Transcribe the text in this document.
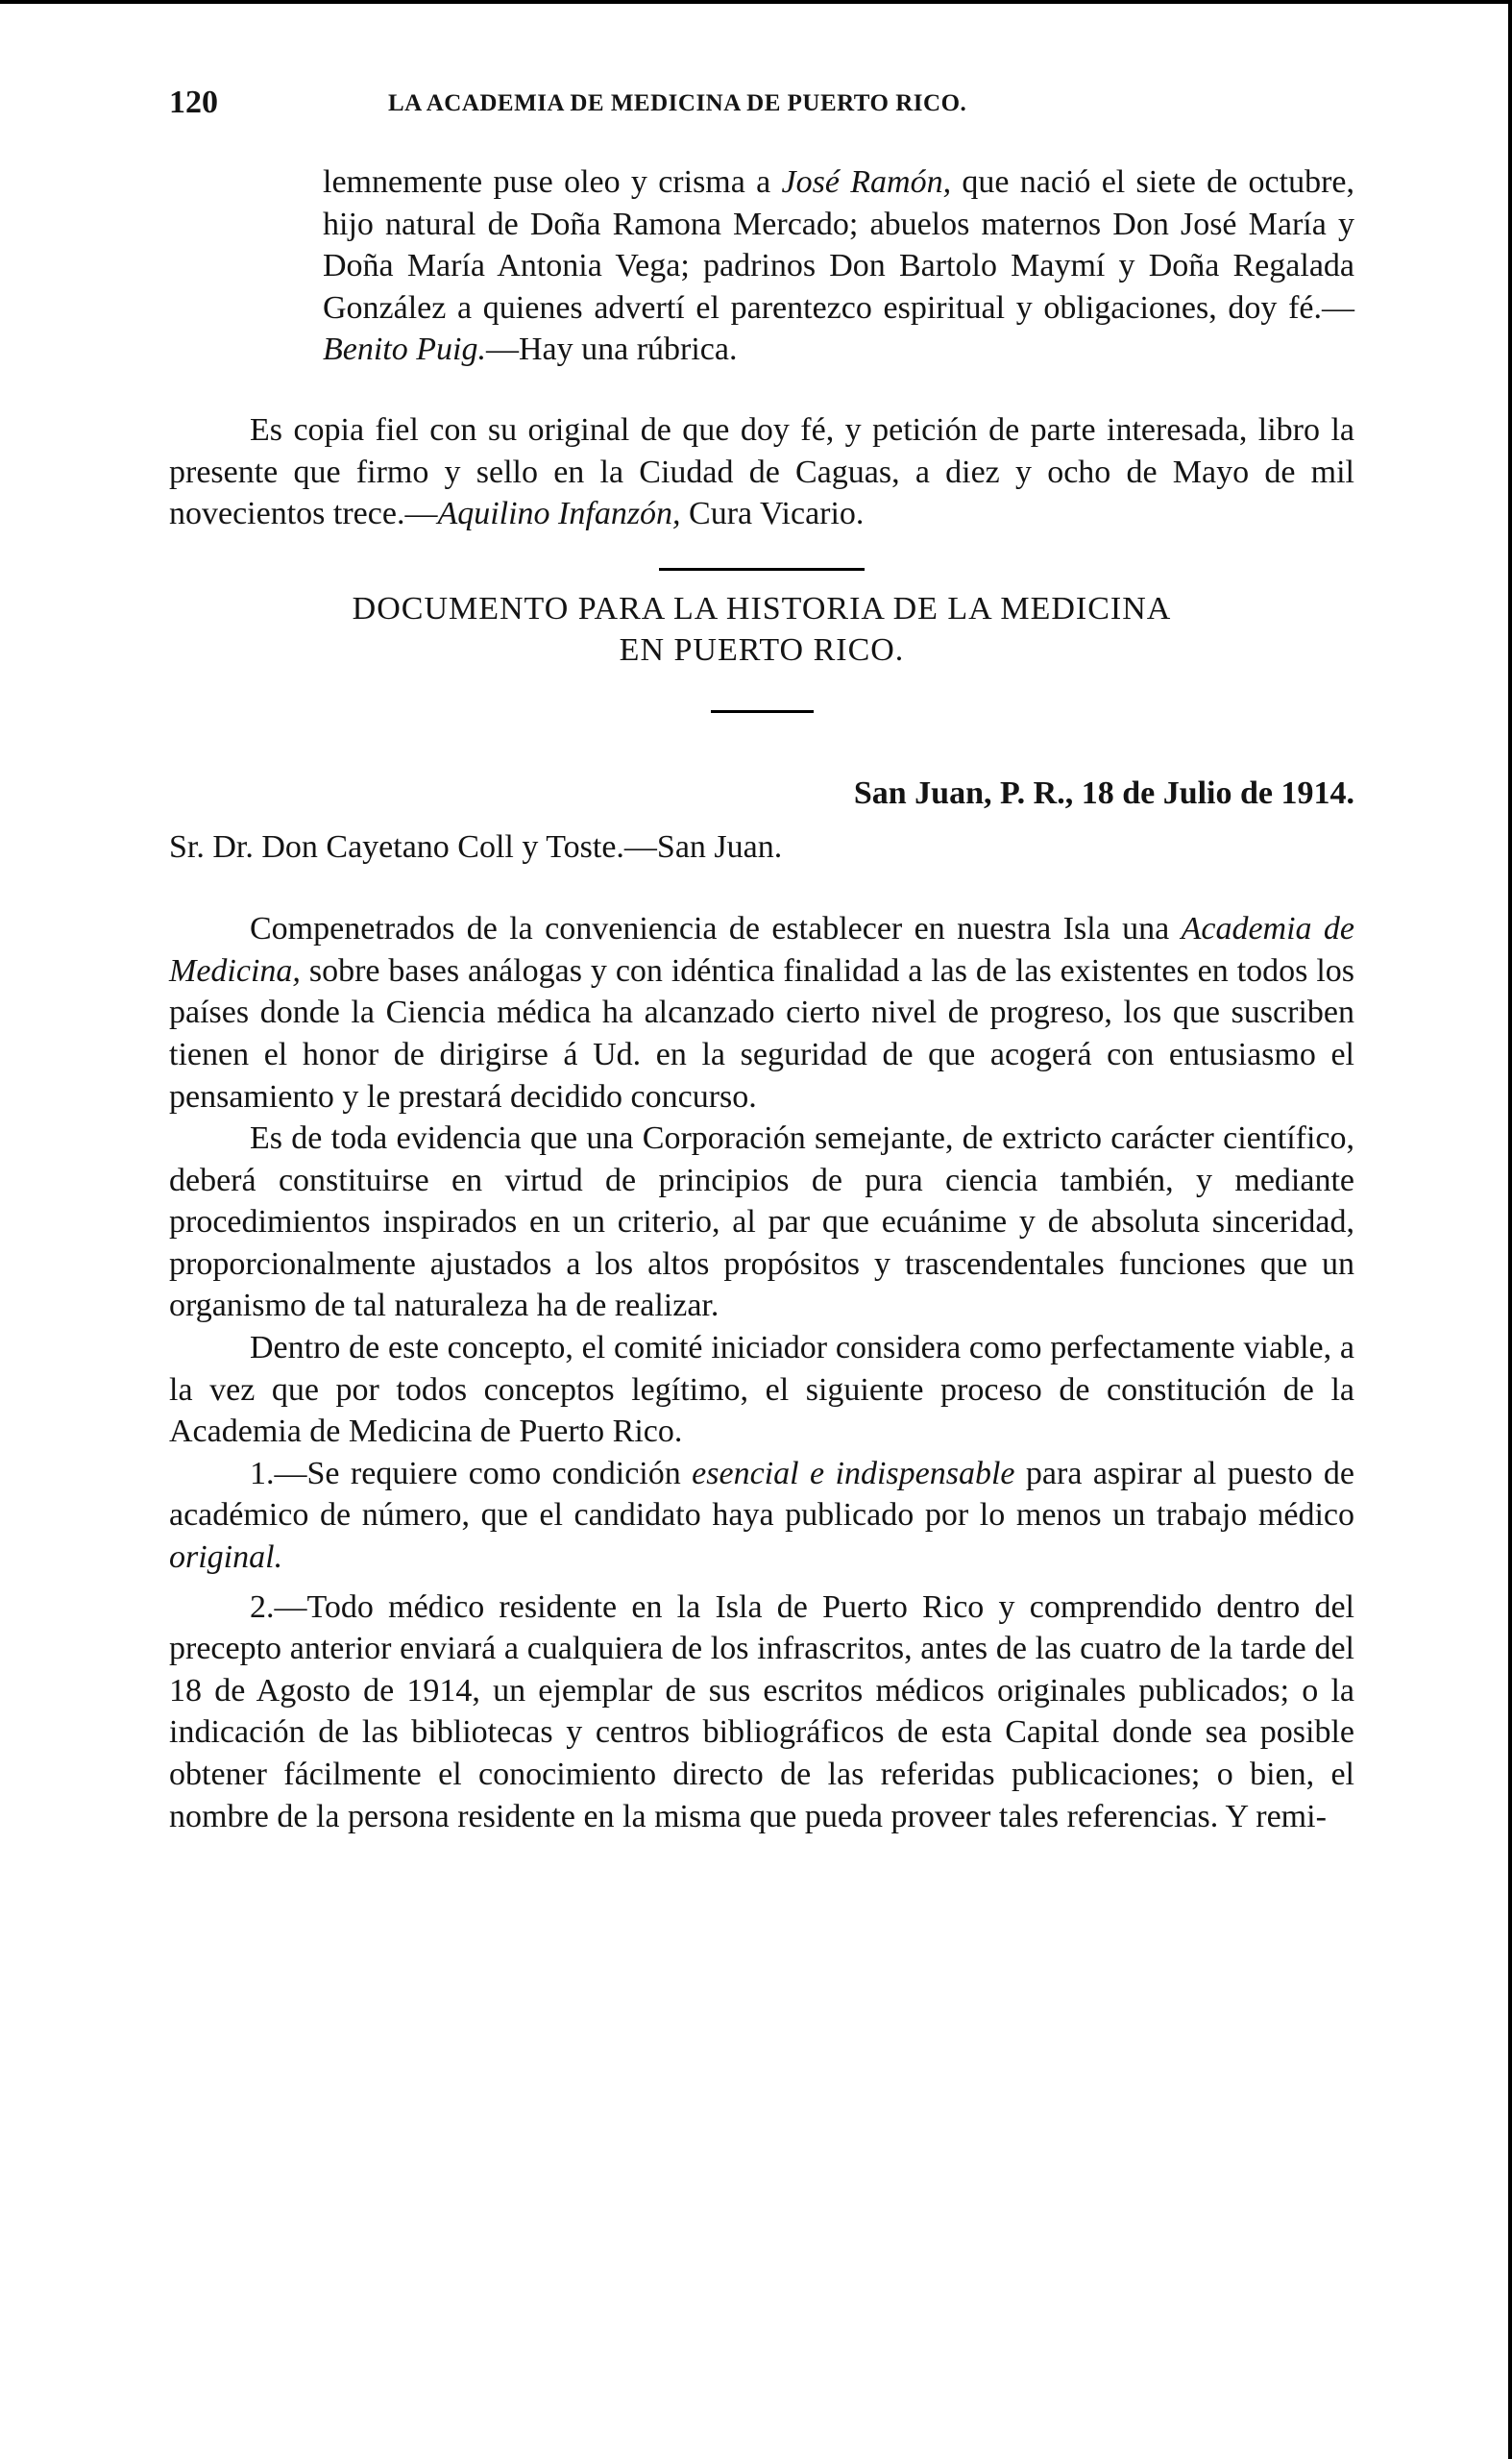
120	LA ACADEMIA DE MEDICINA DE PUERTO RICO.

lemnemente puse oleo y crisma a José Ramón, que nació el siete de octubre, hijo natural de Doña Ramona Mercado; abuelos maternos Don José María y Doña María Antonia Vega; padrinos Don Bartolo Maymí y Doña Regalada González a quienes advertí el parentezco espiritual y obligaciones, doy fé.—Benito Puig.—Hay una rúbrica.

Es copia fiel con su original de que doy fé, y petición de parte interesada, libro la presente que firmo y sello en la Ciudad de Caguas, a diez y ocho de Mayo de mil novecientos trece.—Aquilino Infanzón, Cura Vicario.

DOCUMENTO PARA LA HISTORIA DE LA MEDICINA
EN PUERTO RICO.
San Juan, P. R., 18 de Julio de 1914.
Sr. Dr. Don Cayetano Coll y Toste.—San Juan.

Compenetrados de la conveniencia de establecer en nuestra Isla una Academia de Medicina, sobre bases análogas y con idéntica finalidad a las de las existentes en todos los países donde la Ciencia médica ha alcanzado cierto nivel de progreso, los que suscriben tienen el honor de dirigirse á Ud. en la seguridad de que acogerá con entusiasmo el pensamiento y le prestará decidido concurso.

Es de toda evidencia que una Corporación semejante, de extricto carácter científico, deberá constituirse en virtud de principios de pura ciencia también, y mediante procedimientos inspirados en un criterio, al par que ecuánime y de absoluta sinceridad, proporcionalmente ajustados a los altos propósitos y trascendentales funciones que un organismo de tal naturaleza ha de realizar.

Dentro de este concepto, el comité iniciador considera como perfectamente viable, a la vez que por todos conceptos legítimo, el siguiente proceso de constitución de la Academia de Medicina de Puerto Rico.

1.—Se requiere como condición esencial e indispensable para aspirar al puesto de académico de número, que el candidato haya publicado por lo menos un trabajo médico original.

2.—Todo médico residente en la Isla de Puerto Rico y comprendido dentro del precepto anterior enviará a cualquiera de los infrascritos, antes de las cuatro de la tarde del 18 de Agosto de 1914, un ejemplar de sus escritos médicos originales publicados; o la indicación de las bibliotecas y centros bibliográficos de esta Capital donde sea posible obtener fácilmente el conocimiento directo de las referidas publicaciones; o bien, el nombre de la persona residente en la misma que pueda proveer tales referencias. Y remi-
